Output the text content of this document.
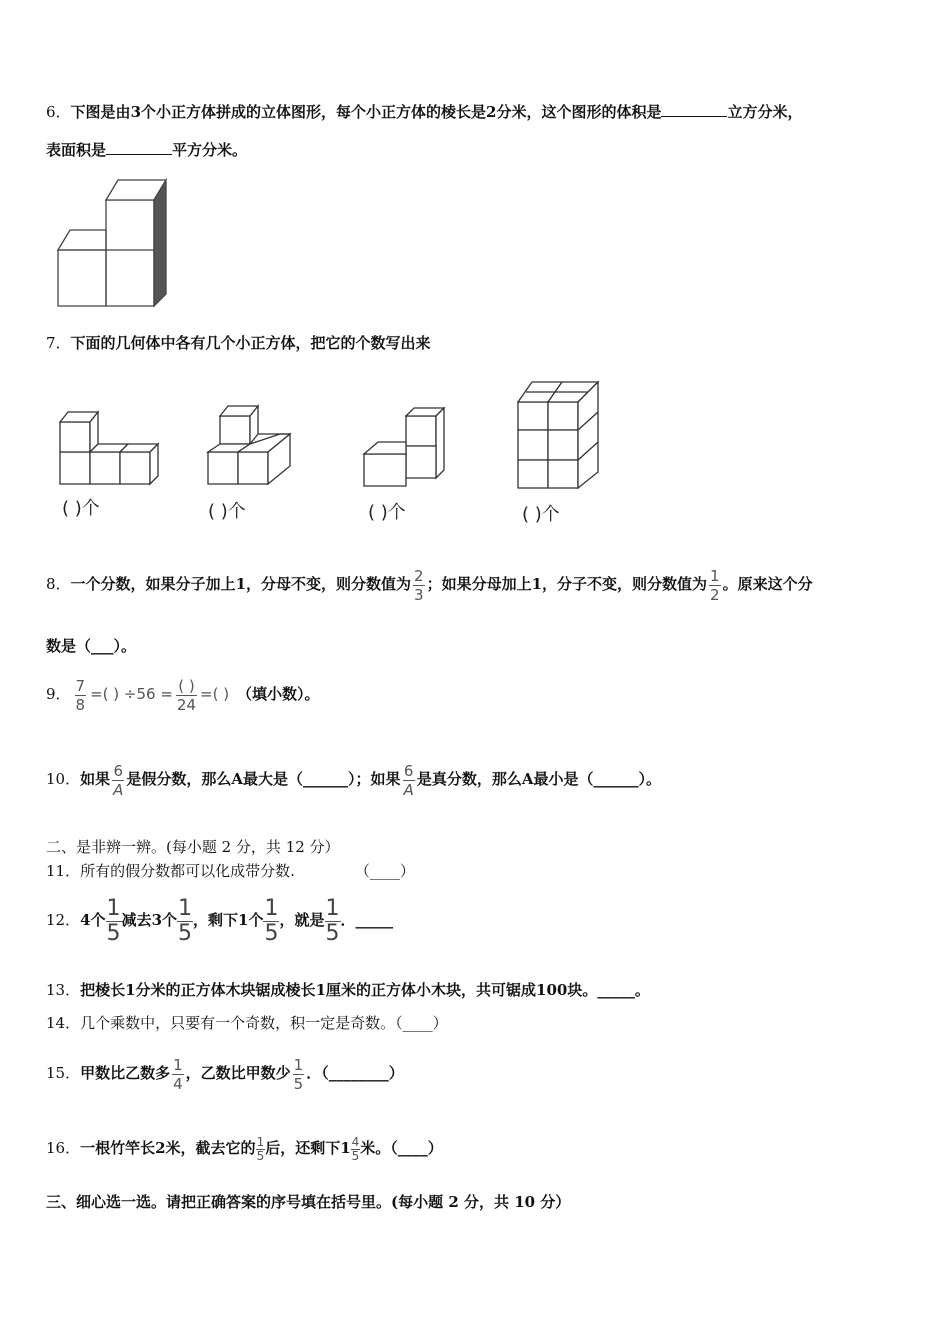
6．下图是由3个小正方体拼成的立体图形，每个小正方体的棱长是2分米，这个图形的体积是	立方分米，
表面积是	平方分米。
7．下面的几何体中各有几个小正方体，把它的个数写出来
( )个	( )个	( )个	( )个
8．一个分数，如果分子加上1，分母不变，则分数值为 $\frac{2}{3}$ ；如果分母加上1，分子不变，则分数值为 $\frac{1}{2}$ 。原来这个分
数是（___）。
9． $\frac{7}{8}$ =( ) $\div 56 = \frac{( )}{24}$ =( ) （填小数）。
10．如果 $\frac{6}{A}$ 是假分数，那么A最大是（______）；如果 $\frac{6}{A}$ 是真分数，那么A最小是（______）。
二、是非辨一辨。(每小题 2 分，共 12 分）
11．所有的假分数都可以化成带分数.	（____）
12．4个 $\frac{1}{5}$ 减去3个 $\frac{1}{5}$ ，剩下1个 $\frac{1}{5}$ ，就是 $\frac{1}{5}$ ．_____
13．把棱长1分米的正方体木块锯成棱长1厘米的正方体小木块，共可锯成100块。_____。
14．几个乘数中，只要有一个奇数，积一定是奇数。（____）
15．甲数比乙数多 $\frac{1}{4}$ ，乙数比甲数少 $\frac{1}{5}$ ．（________）
16．一根竹竿长2米，截去它的 $\frac{1}{5}$ 后，还剩下$1 \frac{4}{5}$ 米。（____）
三、细心选一选。请把正确答案的序号填在括号里。(每小题 2 分，共 10 分）
